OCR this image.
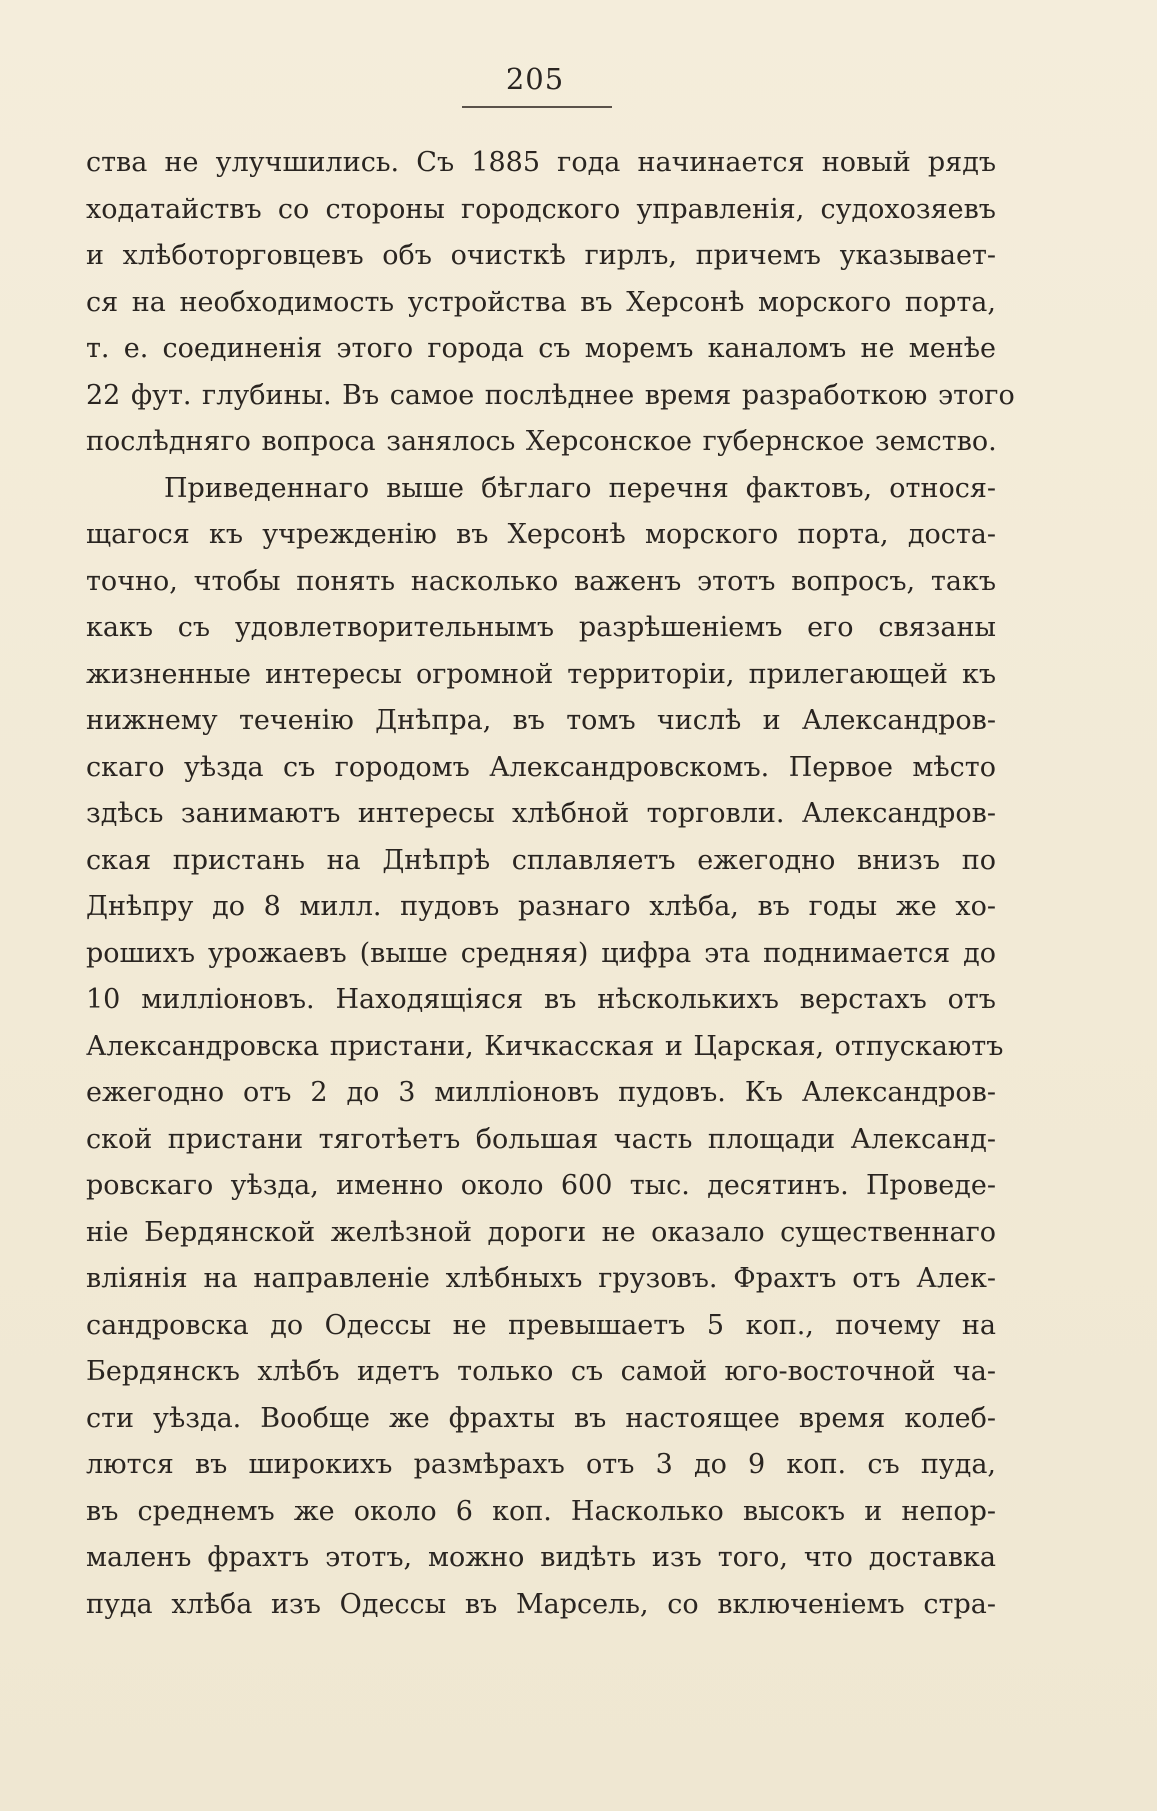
205
ства не улучшились. Съ 1885 года начинается новый рядъ
ходатайствъ со стороны городского управленія, судохозяевъ
и хлѣботорговцевъ объ очисткѣ гирлъ, причемъ указывает-
ся на необходимость устройства въ Херсонѣ морского порта,
т. е. соединенія этого города съ моремъ каналомъ не менѣе
22 фут. глубины. Въ самое послѣднее время разработкою этого
послѣдняго вопроса занялось Херсонское губернское земство.
Приведеннаго выше бѣглаго перечня фактовъ, относя-
щагося къ учрежденію въ Херсонѣ морского порта, доста-
точно, чтобы понять насколько важенъ этотъ вопросъ, такъ
какъ съ удовлетворительнымъ разрѣшеніемъ его связаны
жизненные интересы огромной территоріи, прилегающей къ
нижнему теченію Днѣпра, въ томъ числѣ и Александров-
скаго уѣзда съ городомъ Александровскомъ. Первое мѣсто
здѣсь занимаютъ интересы хлѣбной торговли. Александров-
ская пристань на Днѣпрѣ сплавляетъ ежегодно внизъ по
Днѣпру до 8 милл. пудовъ разнаго хлѣба, въ годы же хо-
рошихъ урожаевъ (выше средняя) цифра эта поднимается до
10 милліоновъ. Находящіяся въ нѣсколькихъ верстахъ отъ
Александровска пристани, Кичкасская и Царская, отпускаютъ
ежегодно отъ 2 до 3 милліоновъ пудовъ. Къ Александров-
ской пристани тяготѣетъ большая часть площади Александ-
ровскаго уѣзда, именно около 600 тыс. десятинъ. Проведе-
ніе Бердянской желѣзной дороги не оказало существеннаго
вліянія на направленіе хлѣбныхъ грузовъ. Фрахтъ отъ Алек-
сандровска до Одессы не превышаетъ 5 коп., почему на
Бердянскъ хлѣбъ идетъ только съ самой юго-восточной ча-
сти уѣзда. Вообще же фрахты въ настоящее время колеб-
лются въ широкихъ размѣрахъ отъ 3 до 9 коп. съ пуда,
въ среднемъ же около 6 коп. Насколько высокъ и непор-
маленъ фрахтъ этотъ, можно видѣть изъ того, что доставка
пуда хлѣба изъ Одессы въ Марсель, со включеніемъ стра-
